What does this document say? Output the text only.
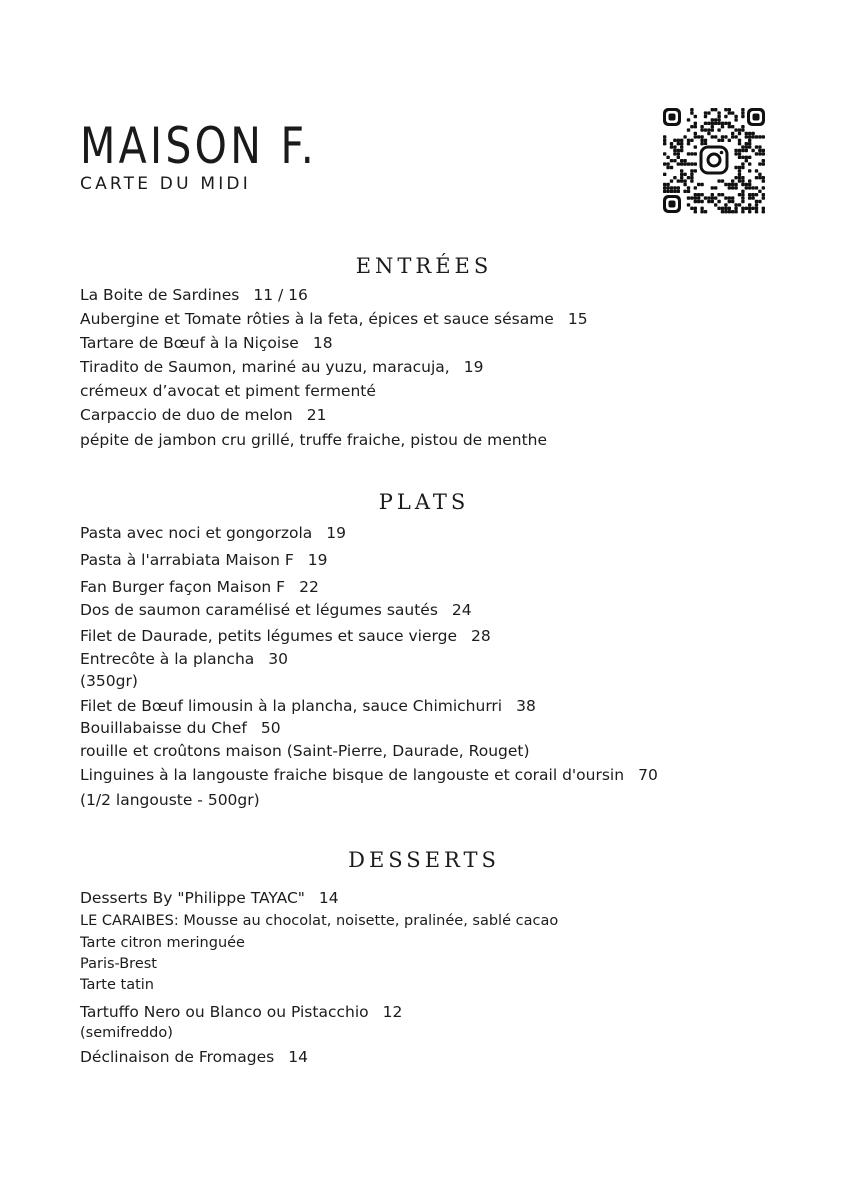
MAISON F.
CARTE DU MIDI
ENTRÉES
La Boite de Sardines 11 / 16
Aubergine et Tomate rôties à la feta, épices et sauce sésame 15
Tartare de Bœuf à la Niçoise 18
Tiradito de Saumon, mariné au yuzu, maracuja, 19
crémeux d’avocat et piment fermenté
Carpaccio de duo de melon 21
pépite de jambon cru grillé, truffe fraiche, pistou de menthe
PLATS
Pasta avec noci et gongorzola 19
Pasta à l'arrabiata Maison F 19
Fan Burger façon Maison F 22
Dos de saumon caramélisé et légumes sautés 24
Filet de Daurade, petits légumes et sauce vierge 28
Entrecôte à la plancha 30
(350gr)
Filet de Bœuf limousin à la plancha, sauce Chimichurri 38
Bouillabaisse du Chef 50
rouille et croûtons maison (Saint-Pierre, Daurade, Rouget)
Linguines à la langouste fraiche bisque de langouste et corail d'oursin 70
(1/2 langouste - 500gr)
DESSERTS
Desserts By "Philippe TAYAC" 14
LE CARAIBES: Mousse au chocolat, noisette, pralinée, sablé cacao
Tarte citron meringuée
Paris-Brest
Tarte tatin
Tartuffo Nero ou Blanco ou Pistacchio 12
(semifreddo)
Déclinaison de Fromages 14
